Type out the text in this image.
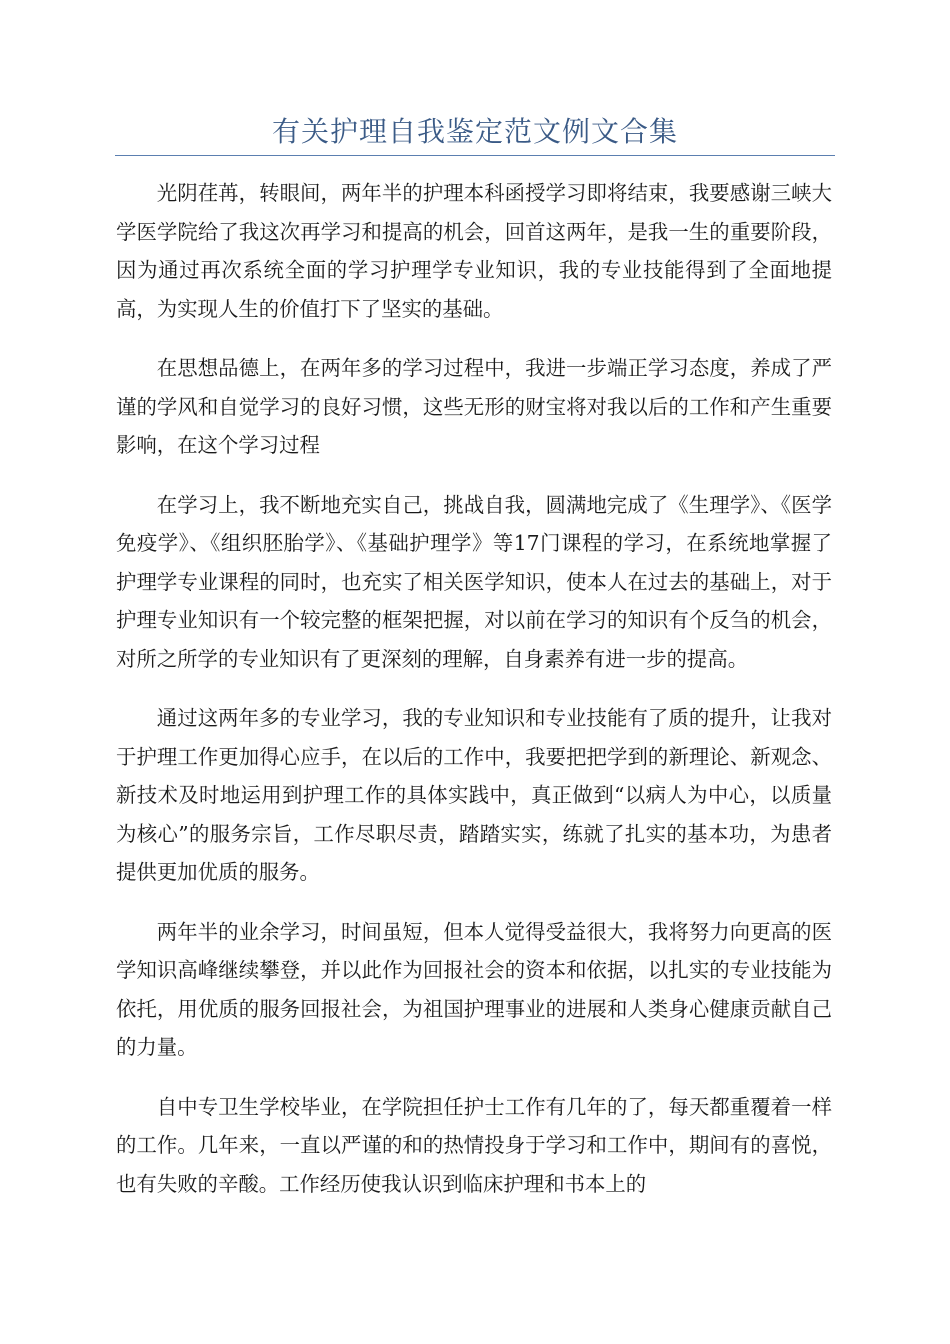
有关护理自我鉴定范文例文合集

光阴荏苒，转眼间，两年半的护理本科函授学习即将结束，我要感谢三峡大学医学院给了我这次再学习和提高的机会，回首这两年，是我一生的重要阶段，因为通过再次系统全面的学习护理学专业知识，我的专业技能得到了全面地提高，为实现人生的价值打下了坚实的基础。

在思想品德上，在两年多的学习过程中，我进一步端正学习态度，养成了严谨的学风和自觉学习的良好习惯，这些无形的财宝将对我以后的工作和产生重要影响，在这个学习过程

在学习上，我不断地充实自己，挑战自我，圆满地完成了《生理学》、《医学免疫学》、《组织胚胎学》、《基础护理学》等17门课程的学习，在系统地掌握了护理学专业课程的同时，也充实了相关医学知识，使本人在过去的基础上，对于护理专业知识有一个较完整的框架把握，对以前在学习的知识有个反刍的机会，对所之所学的专业知识有了更深刻的理解，自身素养有进一步的提高。

通过这两年多的专业学习，我的专业知识和专业技能有了质的提升，让我对于护理工作更加得心应手，在以后的工作中，我要把把学到的新理论、新观念、新技术及时地运用到护理工作的具体实践中，真正做到“以病人为中心，以质量为核心”的服务宗旨，工作尽职尽责，踏踏实实，练就了扎实的基本功，为患者提供更加优质的服务。

两年半的业余学习，时间虽短，但本人觉得受益很大，我将努力向更高的医学知识高峰继续攀登，并以此作为回报社会的资本和依据，以扎实的专业技能为依托，用优质的服务回报社会，为祖国护理事业的进展和人类身心健康贡献自己的力量。

自中专卫生学校毕业，在学院担任护士工作有几年的了，每天都重覆着一样的工作。几年来，一直以严谨的和的热情投身于学习和工作中，期间有的喜悦，也有失败的辛酸。工作经历使我认识到临床护理和书本上的
